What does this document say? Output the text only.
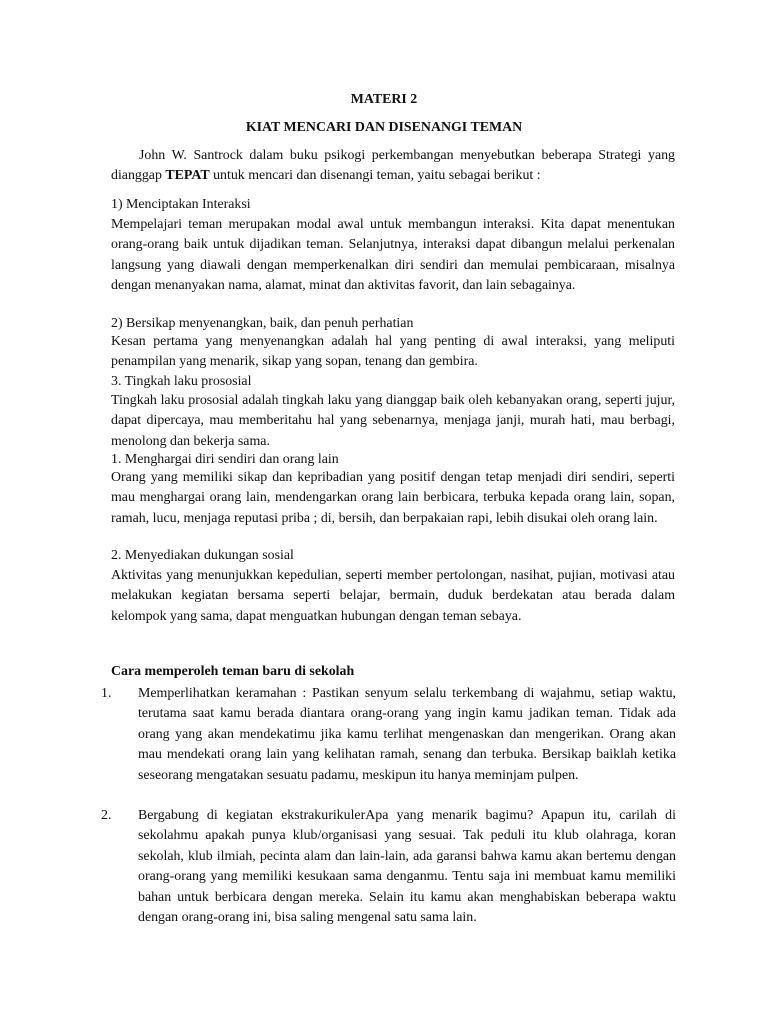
MATERI 2
KIAT MENCARI DAN DISENANGI TEMAN

John W. Santrock dalam buku psikogi perkembangan menyebutkan beberapa Strategi yang dianggap TEPAT untuk mencari dan disenangi teman, yaitu sebagai berikut :

1) Menciptakan Interaksi

Mempelajari teman merupakan modal awal untuk membangun interaksi. Kita dapat menentukan orang-orang baik untuk dijadikan teman. Selanjutnya, interaksi dapat dibangun melalui perkenalan langsung yang diawali dengan memperkenalkan diri sendiri dan memulai pembicaraan, misalnya dengan menanyakan nama, alamat, minat dan aktivitas favorit, dan lain sebagainya.

2) Bersikap menyenangkan, baik, dan penuh perhatian

Kesan pertama yang menyenangkan adalah hal yang penting di awal interaksi, yang meliputi penampilan yang menarik, sikap yang sopan, tenang dan gembira.

3. Tingkah laku prososial

Tingkah laku prososial adalah tingkah laku yang dianggap baik oleh kebanyakan orang, seperti jujur, dapat dipercaya, mau memberitahu hal yang sebenarnya, menjaga janji, murah hati, mau berbagi, menolong dan bekerja sama.

1. Menghargai diri sendiri dan orang lain

Orang yang memiliki sikap dan kepribadian yang positif dengan tetap menjadi diri sendiri, seperti mau menghargai orang lain, mendengarkan orang lain berbicara, terbuka kepada orang lain, sopan, ramah, lucu, menjaga reputasi priba ; di, bersih, dan berpakaian rapi, lebih disukai oleh orang lain.

2. Menyediakan dukungan sosial

Aktivitas yang menunjukkan kepedulian, seperti member pertolongan, nasihat, pujian, motivasi atau melakukan kegiatan bersama seperti belajar, bermain, duduk berdekatan atau berada dalam kelompok yang sama, dapat menguatkan hubungan dengan teman sebaya.

Cara memperoleh teman baru di sekolah
1. Memperlihatkan keramahan : Pastikan senyum selalu terkembang di wajahmu, setiap waktu, terutama saat kamu berada diantara orang-orang yang ingin kamu jadikan teman. Tidak ada orang yang akan mendekatimu jika kamu terlihat mengenaskan dan mengerikan. Orang akan mau mendekati orang lain yang kelihatan ramah, senang dan terbuka. Bersikap baiklah ketika seseorang mengatakan sesuatu padamu, meskipun itu hanya meminjam pulpen.

2. Bergabung di kegiatan ekstrakurikulerApa yang menarik bagimu? Apapun itu, carilah di sekolahmu apakah punya klub/organisasi yang sesuai. Tak peduli itu klub olahraga, koran sekolah, klub ilmiah, pecinta alam dan lain-lain, ada garansi bahwa kamu akan bertemu dengan orang-orang yang memiliki kesukaan sama denganmu. Tentu saja ini membuat kamu memiliki bahan untuk berbicara dengan mereka. Selain itu kamu akan menghabiskan beberapa waktu dengan orang-orang ini, bisa saling mengenal satu sama lain.
